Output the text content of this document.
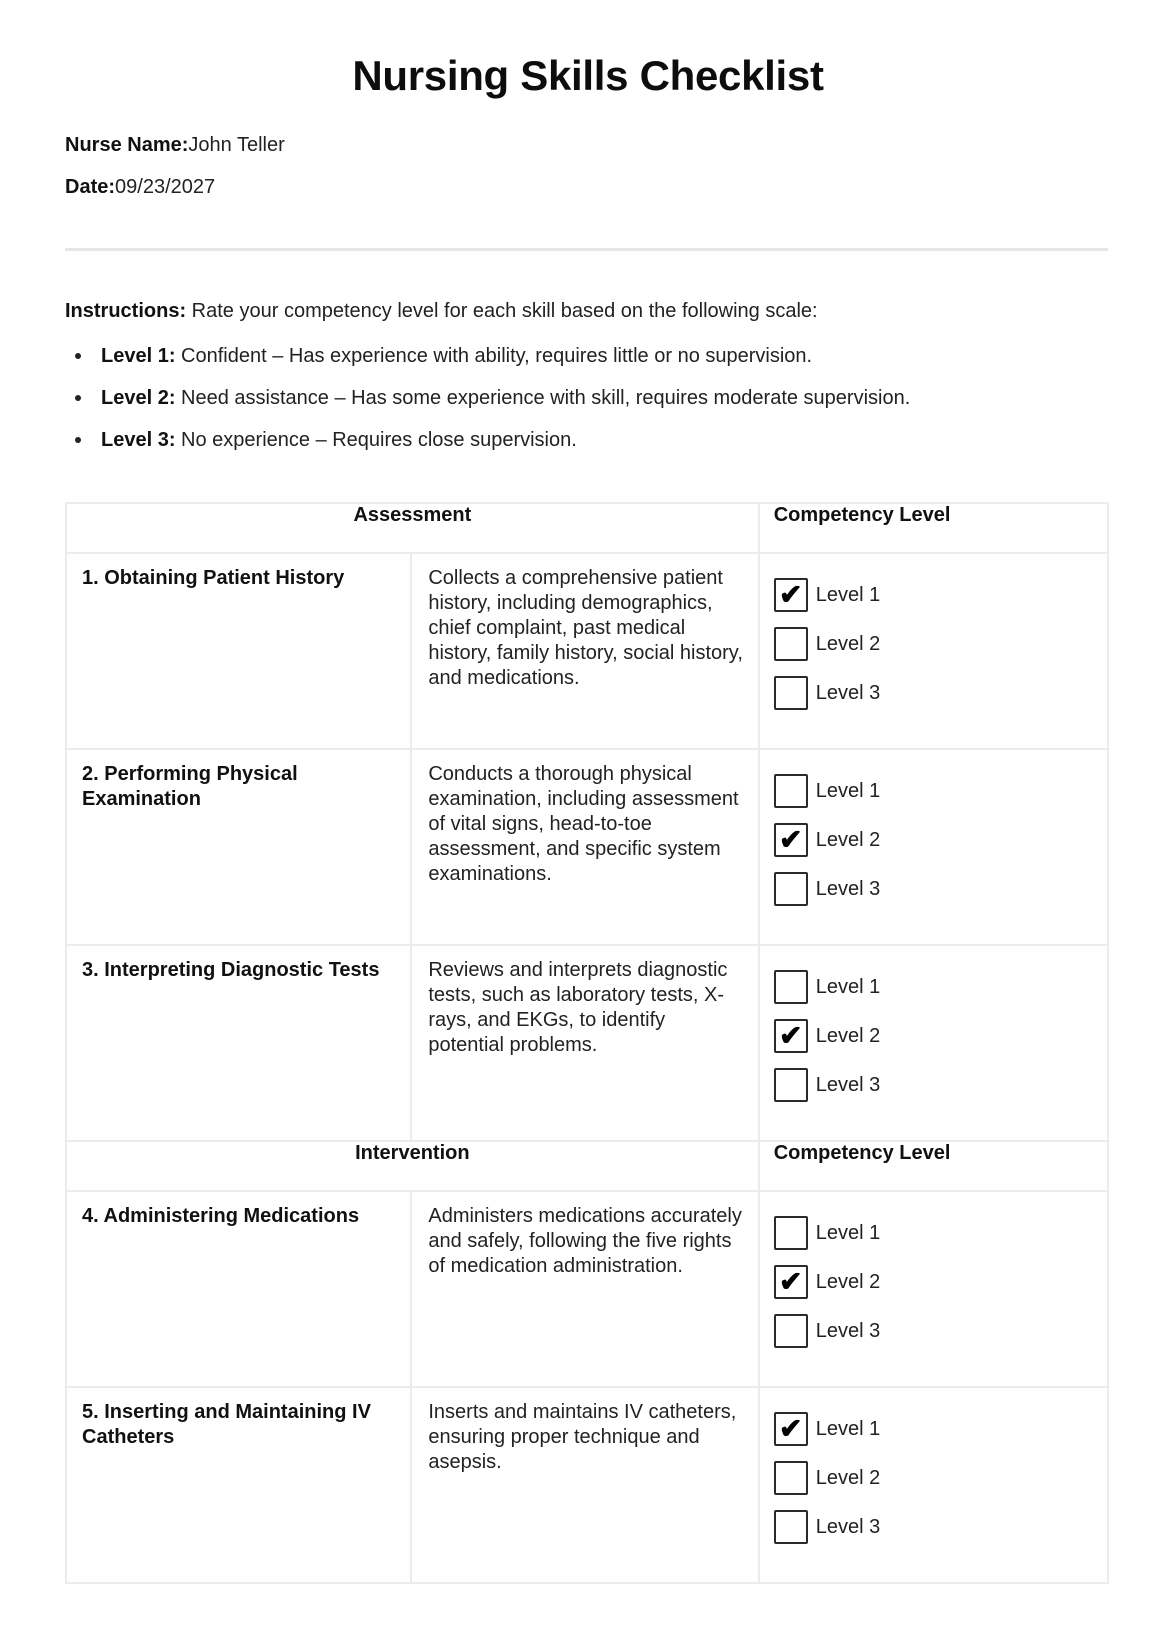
Nursing Skills Checklist
Nurse Name:John Teller
Date:09/23/2027
Instructions: Rate your competency level for each skill based on the following scale:
Level 1: Confident – Has experience with ability, requires little or no supervision.
Level 2: Need assistance – Has some experience with skill, requires moderate supervision.
Level 3: No experience – Requires close supervision.
Assessment		Competency Level
1. Obtaining Patient History	Collects a comprehensive patient history, including demographics, chief complaint, past medical history, family history, social history, and medications.	✔ Level 1
Level 2
Level 3

2. Performing Physical Examination	Conducts a thorough physical examination, including assessment of vital signs, head-to-toe assessment, and specific system examinations.	Level 1
✔ Level 2
Level 3

3. Interpreting Diagnostic Tests	Reviews and interprets diagnostic tests, such as laboratory tests, X-rays, and EKGs, to identify potential problems.	Level 1
✔ Level 2
Level 3

Intervention		Competency Level
4. Administering Medications	Administers medications accurately and safely, following the five rights of medication administration.	Level 1
✔ Level 2
Level 3

5. Inserting and Maintaining IV Catheters	Inserts and maintains IV catheters, ensuring proper technique and asepsis.	✔ Level 1
Level 2
Level 3
